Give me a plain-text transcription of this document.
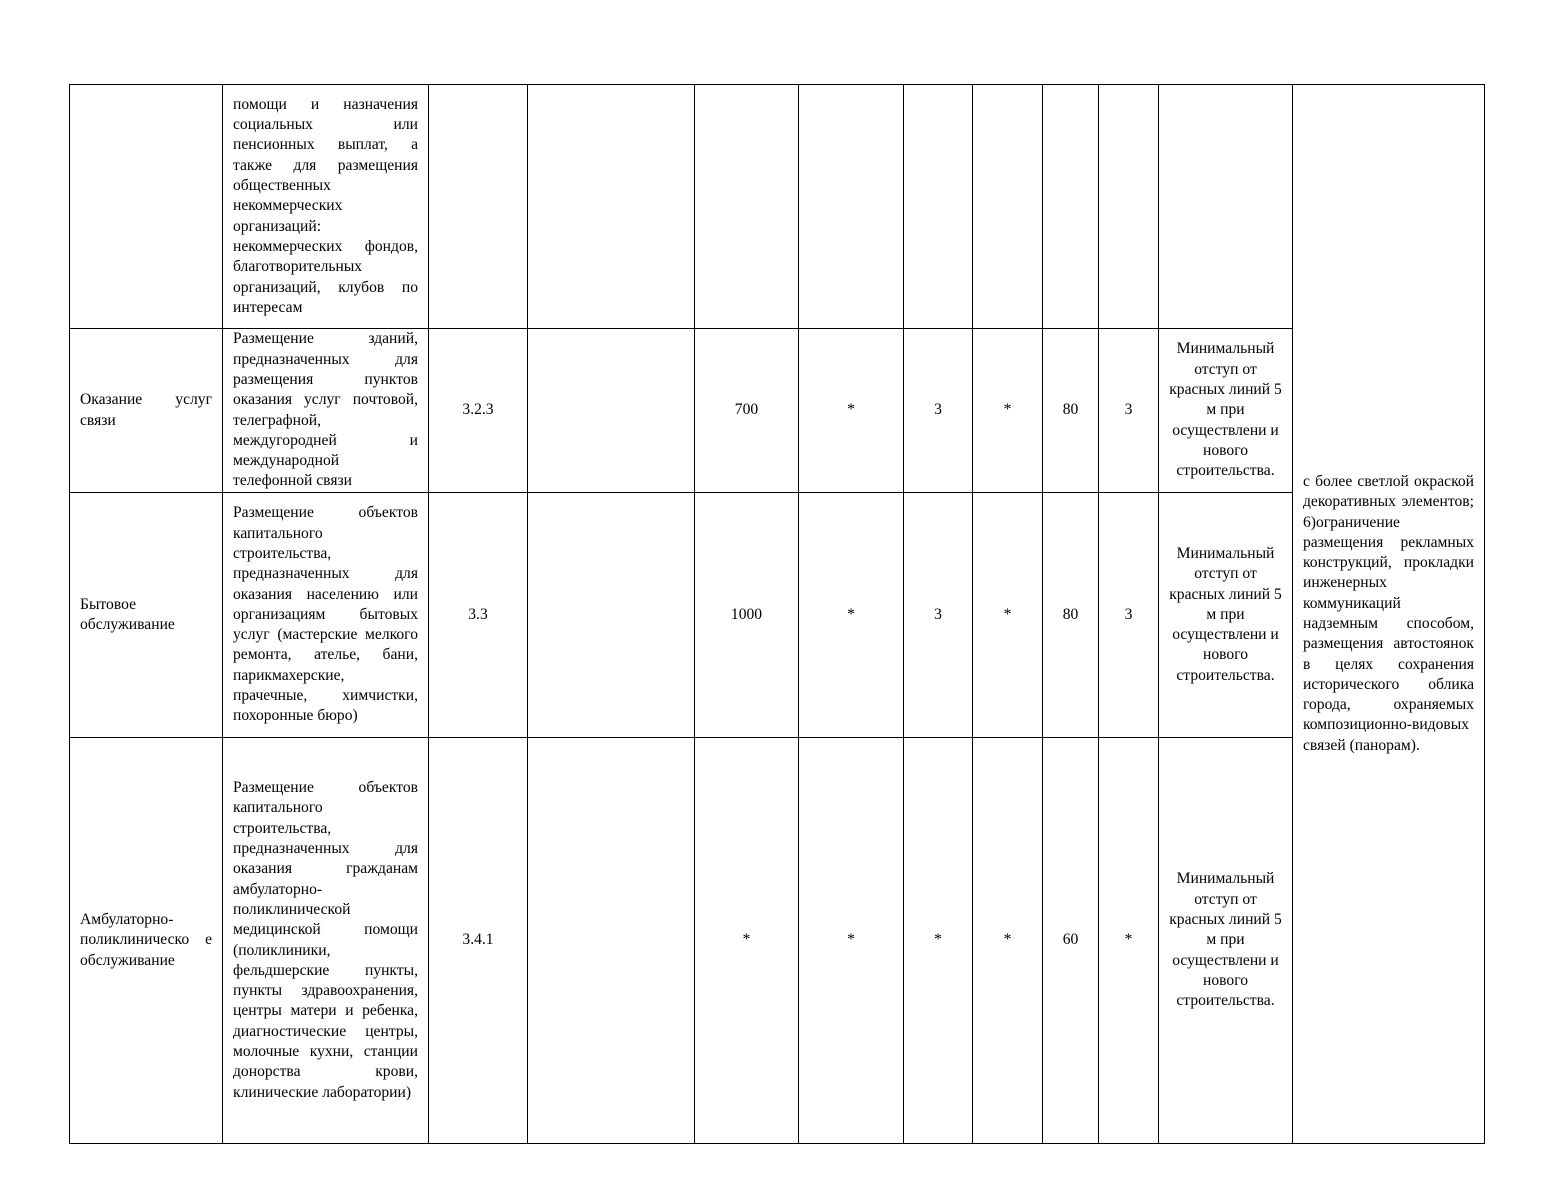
	помощи и назначения социальных или пенсионных выплат, а также для размещения общественных некоммерческих организаций: некоммерческих фондов, благотворительных организаций, клубов по интересам										с более светлой окраской декоративных элементов; 6)ограничение размещения рекламных конструкций, прокладки инженерных коммуникаций надземным способом, размещения автостоянок в целях сохранения исторического облика города, охраняемых композиционно-видовых связей (панорам).
Оказание услуг связи	Размещение зданий, предназначенных для размещения пунктов оказания услуг почтовой, телеграфной, междугородней и международной телефонной связи	3.2.3		700	*	3	*	80	3	Минимальный отступ от красных линий 5 м при осуществлени и нового строительства.	
Бытовое обслуживание	Размещение объектов капитального строительства, предназначенных для оказания населению или организациям бытовых услуг (мастерские мелкого ремонта, ателье, бани, парикмахерские, прачечные, химчистки, похоронные бюро)	3.3		1000	*	3	*	80	3	Минимальный отступ от красных линий 5 м при осуществлени и нового строительства.	
Амбулаторно-поликлиническо е обслуживание	Размещение объектов капитального строительства, предназначенных для оказания гражданам амбулаторно-поликлинической медицинской помощи (поликлиники, фельдшерские пункты, пункты здравоохранения, центры матери и ребенка, диагностические центры, молочные кухни, станции донорства крови, клинические лаборатории)	3.4.1		*	*	*	*	60	*	Минимальный отступ от красных линий 5 м при осуществлени и нового строительства.	
